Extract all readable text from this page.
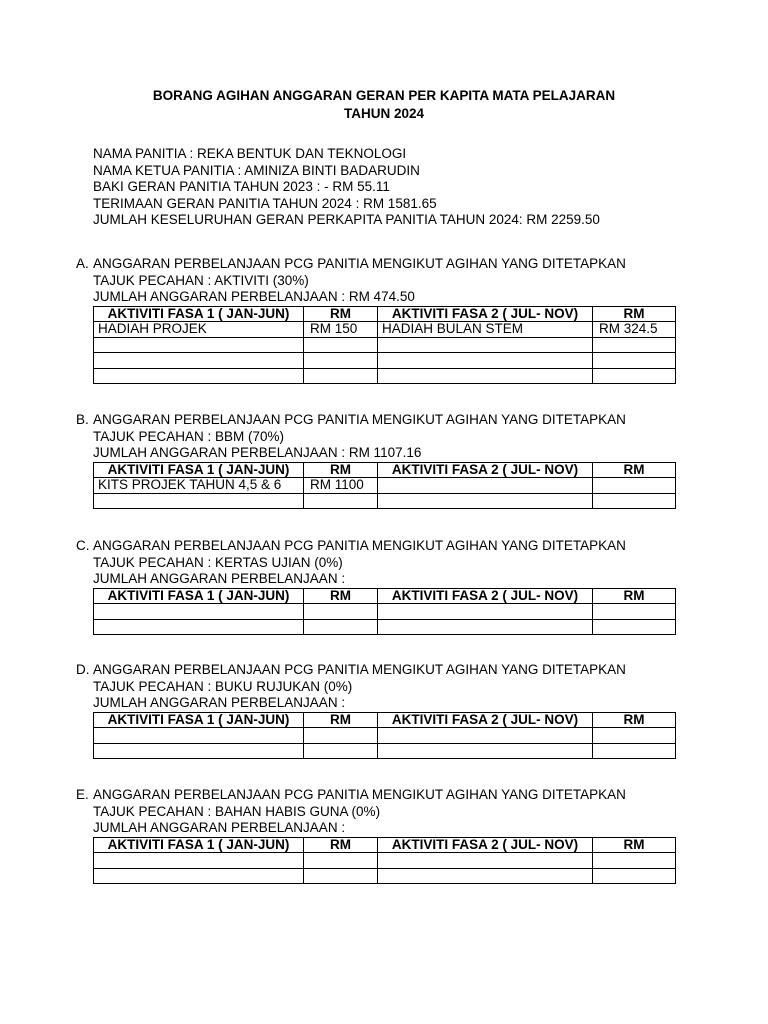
BORANG AGIHAN ANGGARAN GERAN PER KAPITA MATA PELAJARAN
TAHUN 2024
NAMA PANITIA : REKA BENTUK DAN TEKNOLOGI
NAMA KETUA PANITIA : AMINIZA BINTI BADARUDIN
BAKI GERAN PANITIA TAHUN 2023 : - RM 55.11
TERIMAAN GERAN PANITIA TAHUN 2024 : RM 1581.65
JUMLAH KESELURUHAN GERAN PERKAPITA PANITIA TAHUN 2024: RM 2259.50
A. ANGGARAN PERBELANJAAN PCG PANITIA MENGIKUT AGIHAN YANG DITETAPKAN
TAJUK PECAHAN : AKTIVITI (30%)
JUMLAH ANGGARAN PERBELANJAAN : RM 474.50
AKTIVITI FASA 1 ( JAN-JUN)	RM	AKTIVITI FASA 2 ( JUL- NOV)	RM
HADIAH PROJEK	RM 150	HADIAH BULAN STEM	RM 324.5

B. ANGGARAN PERBELANJAAN PCG PANITIA MENGIKUT AGIHAN YANG DITETAPKAN
TAJUK PECAHAN : BBM (70%)
JUMLAH ANGGARAN PERBELANJAAN : RM 1107.16
AKTIVITI FASA 1 ( JAN-JUN)	RM	AKTIVITI FASA 2 ( JUL- NOV)	RM
KITS PROJEK TAHUN 4,5 & 6	RM 1100		

C. ANGGARAN PERBELANJAAN PCG PANITIA MENGIKUT AGIHAN YANG DITETAPKAN
TAJUK PECAHAN : KERTAS UJIAN (0%)
JUMLAH ANGGARAN PERBELANJAAN :
AKTIVITI FASA 1 ( JAN-JUN)	RM	AKTIVITI FASA 2 ( JUL- NOV)	RM

D. ANGGARAN PERBELANJAAN PCG PANITIA MENGIKUT AGIHAN YANG DITETAPKAN
TAJUK PECAHAN : BUKU RUJUKAN (0%)
JUMLAH ANGGARAN PERBELANJAAN :
AKTIVITI FASA 1 ( JAN-JUN)	RM	AKTIVITI FASA 2 ( JUL- NOV)	RM

E. ANGGARAN PERBELANJAAN PCG PANITIA MENGIKUT AGIHAN YANG DITETAPKAN
TAJUK PECAHAN : BAHAN HABIS GUNA (0%)
JUMLAH ANGGARAN PERBELANJAAN :
AKTIVITI FASA 1 ( JAN-JUN)	RM	AKTIVITI FASA 2 ( JUL- NOV)	RM
